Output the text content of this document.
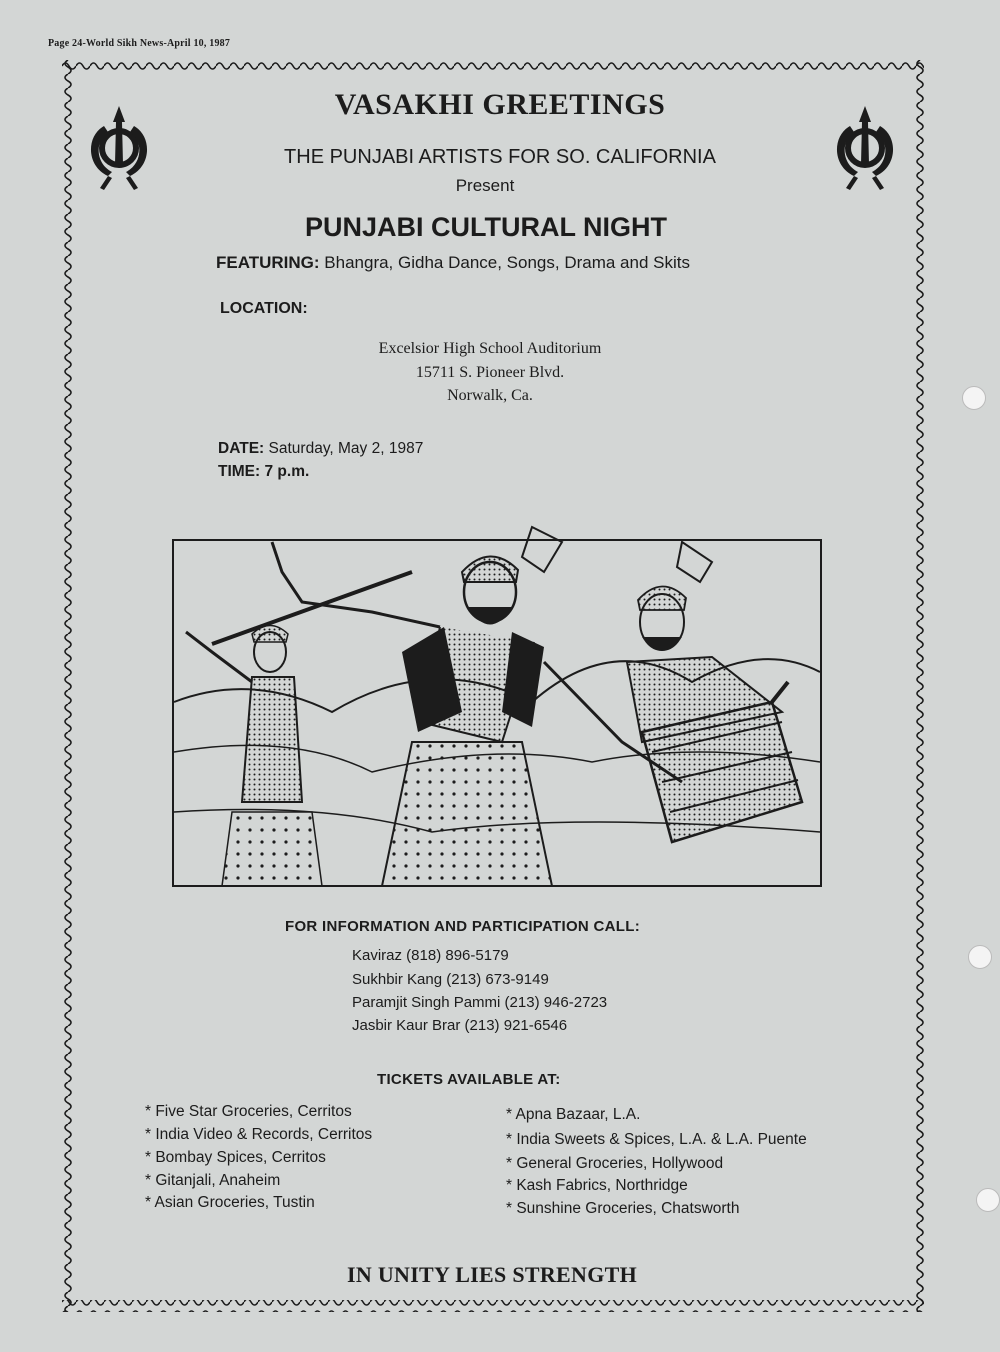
Page 24-World Sikh News-April 10, 1987
VASAKHI GREETINGS
THE PUNJABI ARTISTS FOR SO. CALIFORNIA
Present
PUNJABI CULTURAL NIGHT
FEATURING: Bhangra, Gidha Dance, Songs, Drama and Skits
LOCATION:
Excelsior High School Auditorium
15711 S. Pioneer Blvd.
Norwalk, Ca.
DATE: Saturday, May 2, 1987
TIME: 7 p.m.
FOR INFORMATION AND PARTICIPATION CALL:
Kaviraz (818) 896-5179
Sukhbir Kang (213) 673-9149
Paramjit Singh Pammi (213) 946-2723
Jasbir Kaur Brar (213) 921-6546
TICKETS AVAILABLE AT:
* Five Star Groceries, Cerritos
* India Video & Records, Cerritos
* Bombay Spices, Cerritos
* Gitanjali, Anaheim
* Asian Groceries, Tustin
* Apna Bazaar, L.A.
* India Sweets & Spices, L.A. & L.A. Puente
* General Groceries, Hollywood
* Kash Fabrics, Northridge
* Sunshine Groceries, Chatsworth
IN UNITY LIES STRENGTH
